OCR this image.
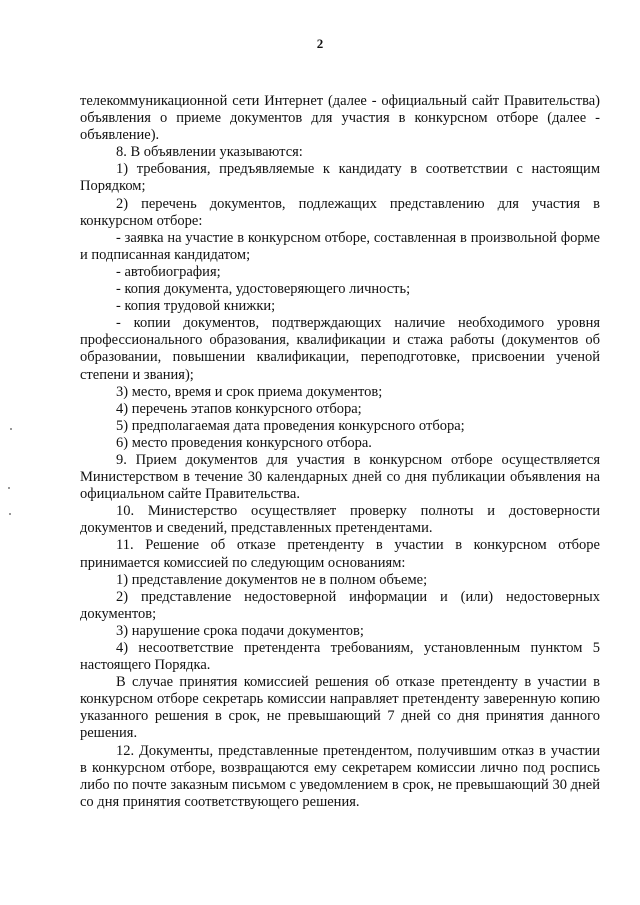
2

телекоммуникационной сети Интернет (далее - официальный сайт Правительства) объявления о приеме документов для участия в конкурсном отборе (далее - объявление).

8. В объявлении указываются:

1) требования, предъявляемые к кандидату в соответствии с настоящим Порядком;

2) перечень документов, подлежащих представлению для участия в конкурсном отборе:

- заявка на участие в конкурсном отборе, составленная в произвольной форме и подписанная кандидатом;

- автобиография;

- копия документа, удостоверяющего личность;

- копия трудовой книжки;

- копии документов, подтверждающих наличие необходимого уровня профессионального образования, квалификации и стажа работы (документов об образовании, повышении квалификации, переподготовке, присвоении ученой степени и звания);

3) место, время и срок приема документов;

4) перечень этапов конкурсного отбора;

5) предполагаемая дата проведения конкурсного отбора;

6) место проведения конкурсного отбора.

9. Прием документов для участия в конкурсном отборе осуществляется Министерством в течение 30 календарных дней со дня публикации объявления на официальном сайте Правительства.

10. Министерство осуществляет проверку полноты и достоверности документов и сведений, представленных претендентами.

11. Решение об отказе претенденту в участии в конкурсном отборе принимается комиссией по следующим основаниям:

1) представление документов не в полном объеме;

2) представление недостоверной информации и (или) недостоверных документов;

3) нарушение срока подачи документов;

4) несоответствие претендента требованиям, установленным пунктом 5 настоящего Порядка.

В случае принятия комиссией решения об отказе претенденту в участии в конкурсном отборе секретарь комиссии направляет претенденту заверенную копию указанного решения в срок, не превышающий 7 дней со дня принятия данного решения.

12. Документы, представленные претендентом, получившим отказ в участии в конкурсном отборе, возвращаются ему секретарем комиссии лично под роспись либо по почте заказным письмом с уведомлением в срок, не превышающий 30 дней со дня принятия соответствующего решения.
